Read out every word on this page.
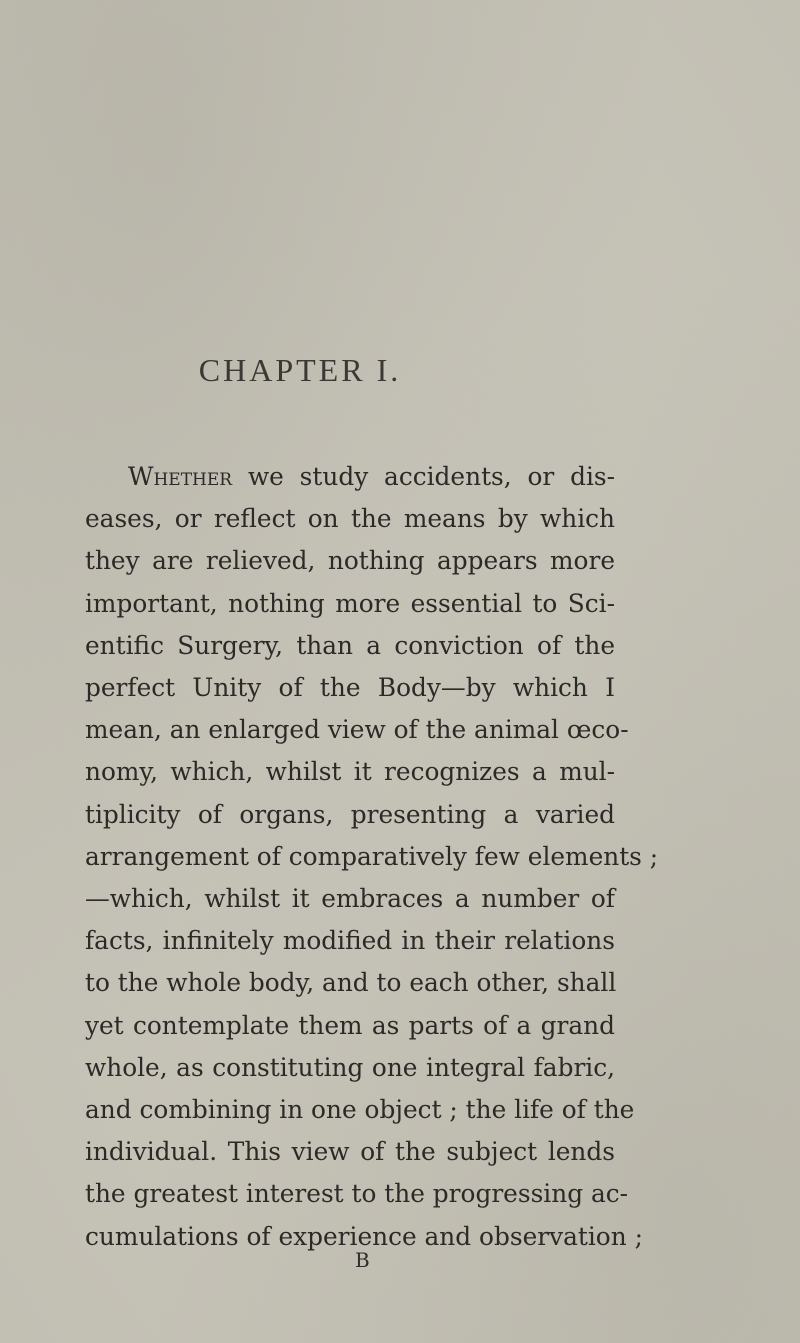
CHAPTER I.
Whether we study accidents, or dis-
eases, or reflect on the means by which
they are relieved, nothing appears more
important, nothing more essential to Sci-
entific Surgery, than a conviction of the
perfect Unity of the Body—by which I
mean, an enlarged view of the animal œco-
nomy, which, whilst it recognizes a mul-
tiplicity of organs, presenting a varied
arrangement of comparatively few elements ;
—which, whilst it embraces a number of
facts, infinitely modified in their relations
to the whole body, and to each other, shall
yet contemplate them as parts of a grand
whole, as constituting one integral fabric,
and combining in one object ; the life of the
individual. This view of the subject lends
the greatest interest to the progressing ac-
cumulations of experience and observation ;
B
